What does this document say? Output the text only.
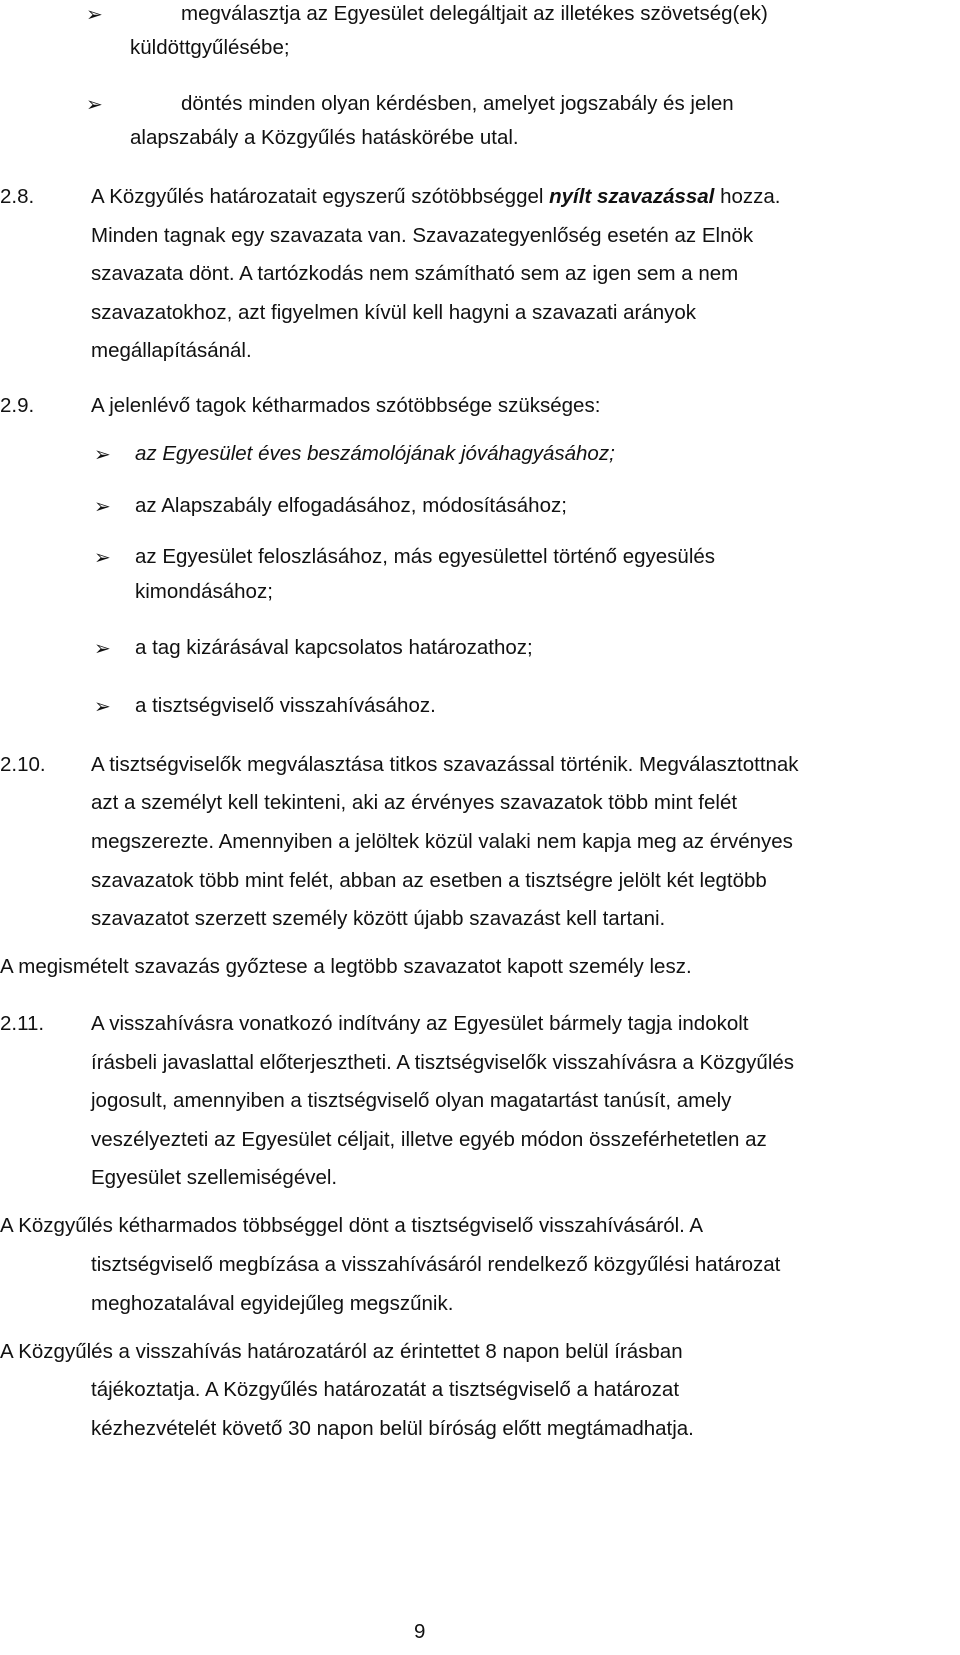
➢	megválasztja az Egyesület delegáltjait az illetékes szövetség(ek)
küldöttgyűlésébe;
➢	döntés minden olyan kérdésben, amelyet jogszabály és jelen
alapszabály a Közgyűlés hatáskörébe utal.
2.8.	A Közgyűlés határozatait egyszerű szótöbbséggel nyílt szavazással hozza.
Minden tagnak egy szavazata van. Szavazategyenlőség esetén az Elnök
szavazata dönt. A tartózkodás nem számítható sem az igen sem a nem
szavazatokhoz, azt figyelmen kívül kell hagyni a szavazati arányok
megállapításánál.
2.9.	A jelenlévő tagok kétharmados szótöbbsége szükséges:
➢ az Egyesület éves beszámolójának jóváhagyásához;
➢ az Alapszabály elfogadásához, módosításához;
➢ az Egyesület feloszlásához, más egyesülettel történő egyesülés
kimondásához;
➢ a tag kizárásával kapcsolatos határozathoz;
➢ a tisztségviselő visszahívásához.
2.10. A tisztségviselők megválasztása titkos szavazással történik. Megválasztottnak
azt a személyt kell tekinteni, aki az érvényes szavazatok több mint felét
megszerezte. Amennyiben a jelöltek közül valaki nem kapja meg az érvényes
szavazatok több mint felét, abban az esetben a tisztségre jelölt két legtöbb
szavazatot szerzett személy között újabb szavazást kell tartani.
A megismételt szavazás győztese a legtöbb szavazatot kapott személy lesz.
2.11. A visszahívásra vonatkozó indítvány az Egyesület bármely tagja indokolt
írásbeli javaslattal előterjesztheti. A tisztségviselők visszahívásra a Közgyűlés
jogosult, amennyiben a tisztségviselő olyan magatartást tanúsít, amely
veszélyezteti az Egyesület céljait, illetve egyéb módon összeférhetetlen az
Egyesület szellemiségével.
A Közgyűlés kétharmados többséggel dönt a tisztségviselő visszahívásáról. A
tisztségviselő megbízása a visszahívásáról rendelkező közgyűlési határozat
meghozatalával egyidejűleg megszűnik.
A Közgyűlés a visszahívás határozatáról az érintettet 8 napon belül írásban
tájékoztatja. A Közgyűlés határozatát a tisztségviselő a határozat
kézhezvételét követő 30 napon belül bíróság előtt megtámadhatja.
9
